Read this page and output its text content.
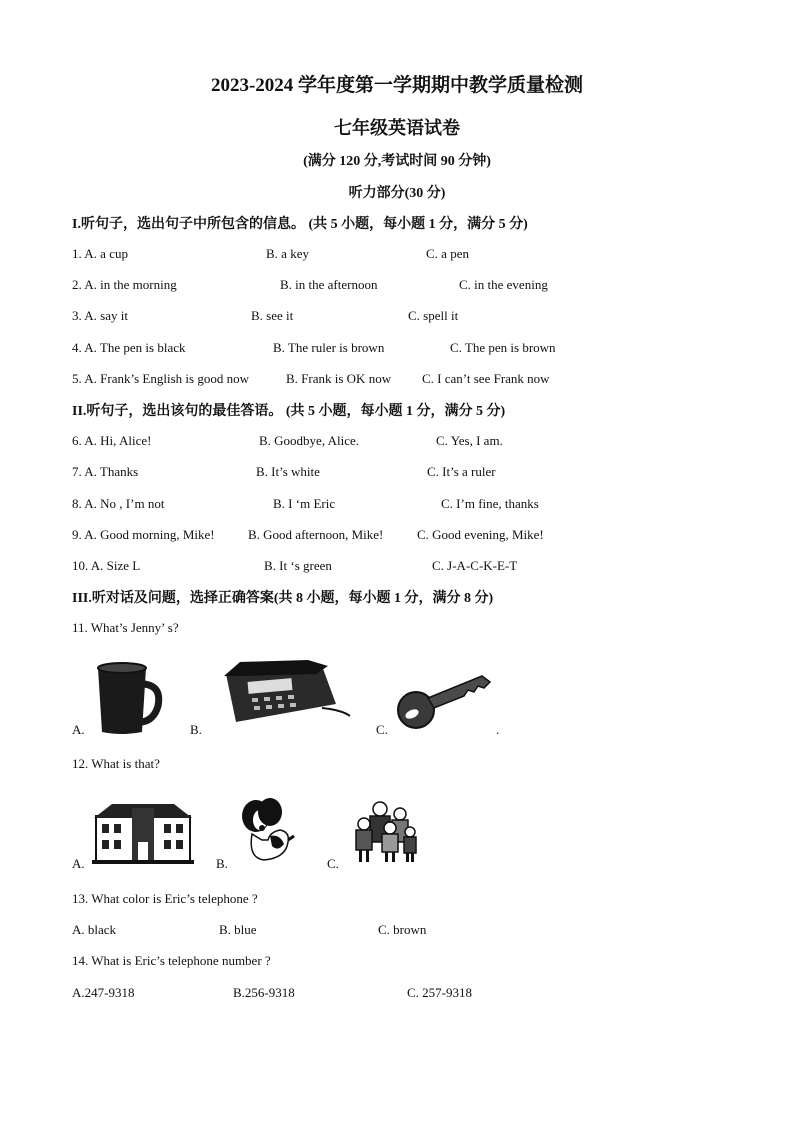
2023-2024 学年度第一学期期中教学质量检测
七年级英语试卷
(满分 120 分,考试时间 90 分钟)
听力部分(30 分)
I.听句子，选出句子中所包含的信息。 (共 5 小题，每小题 1 分，满分 5 分)
1. A. a cup	B. a key	C. a pen
2. A. in the morning	B. in the afternoon	C. in the evening
3. A. say it	B. see it	C. spell it
4. A. The pen is black	B. The ruler is brown	C. The pen is brown
5. A. Frank’s English is good now	B. Frank is OK now C. I can’t see Frank now
II.听句子，选出该句的最佳答语。 (共 5 小题，每小题 1 分，满分 5 分)
6. A. Hi, Alice!	B. Goodbye, Alice.	C. Yes, I am.
7. A. Thanks	B. It’s white	C. It’s a ruler
8. A. No , I’m not	B. I ‘m Eric	C. I’m fine, thanks
9. A. Good morning, Mike!	B. Good afternoon, Mike!	C. Good evening, Mike!
10. A. Size L	B. It ‘s green	C. J-A-C-K-E-T
III.听对话及问题，选择正确答案(共 8 小题，每小题 1 分，满分 8 分)
11. What’s Jenny’ s?
A.	B.	C.	.
12. What is that?
A.	B.	C.
13. What color is Eric’s telephone ?
A. black	B. blue	C. brown
14. What is Eric’s telephone number ?
A.247-9318	B.256-9318	C. 257-9318
